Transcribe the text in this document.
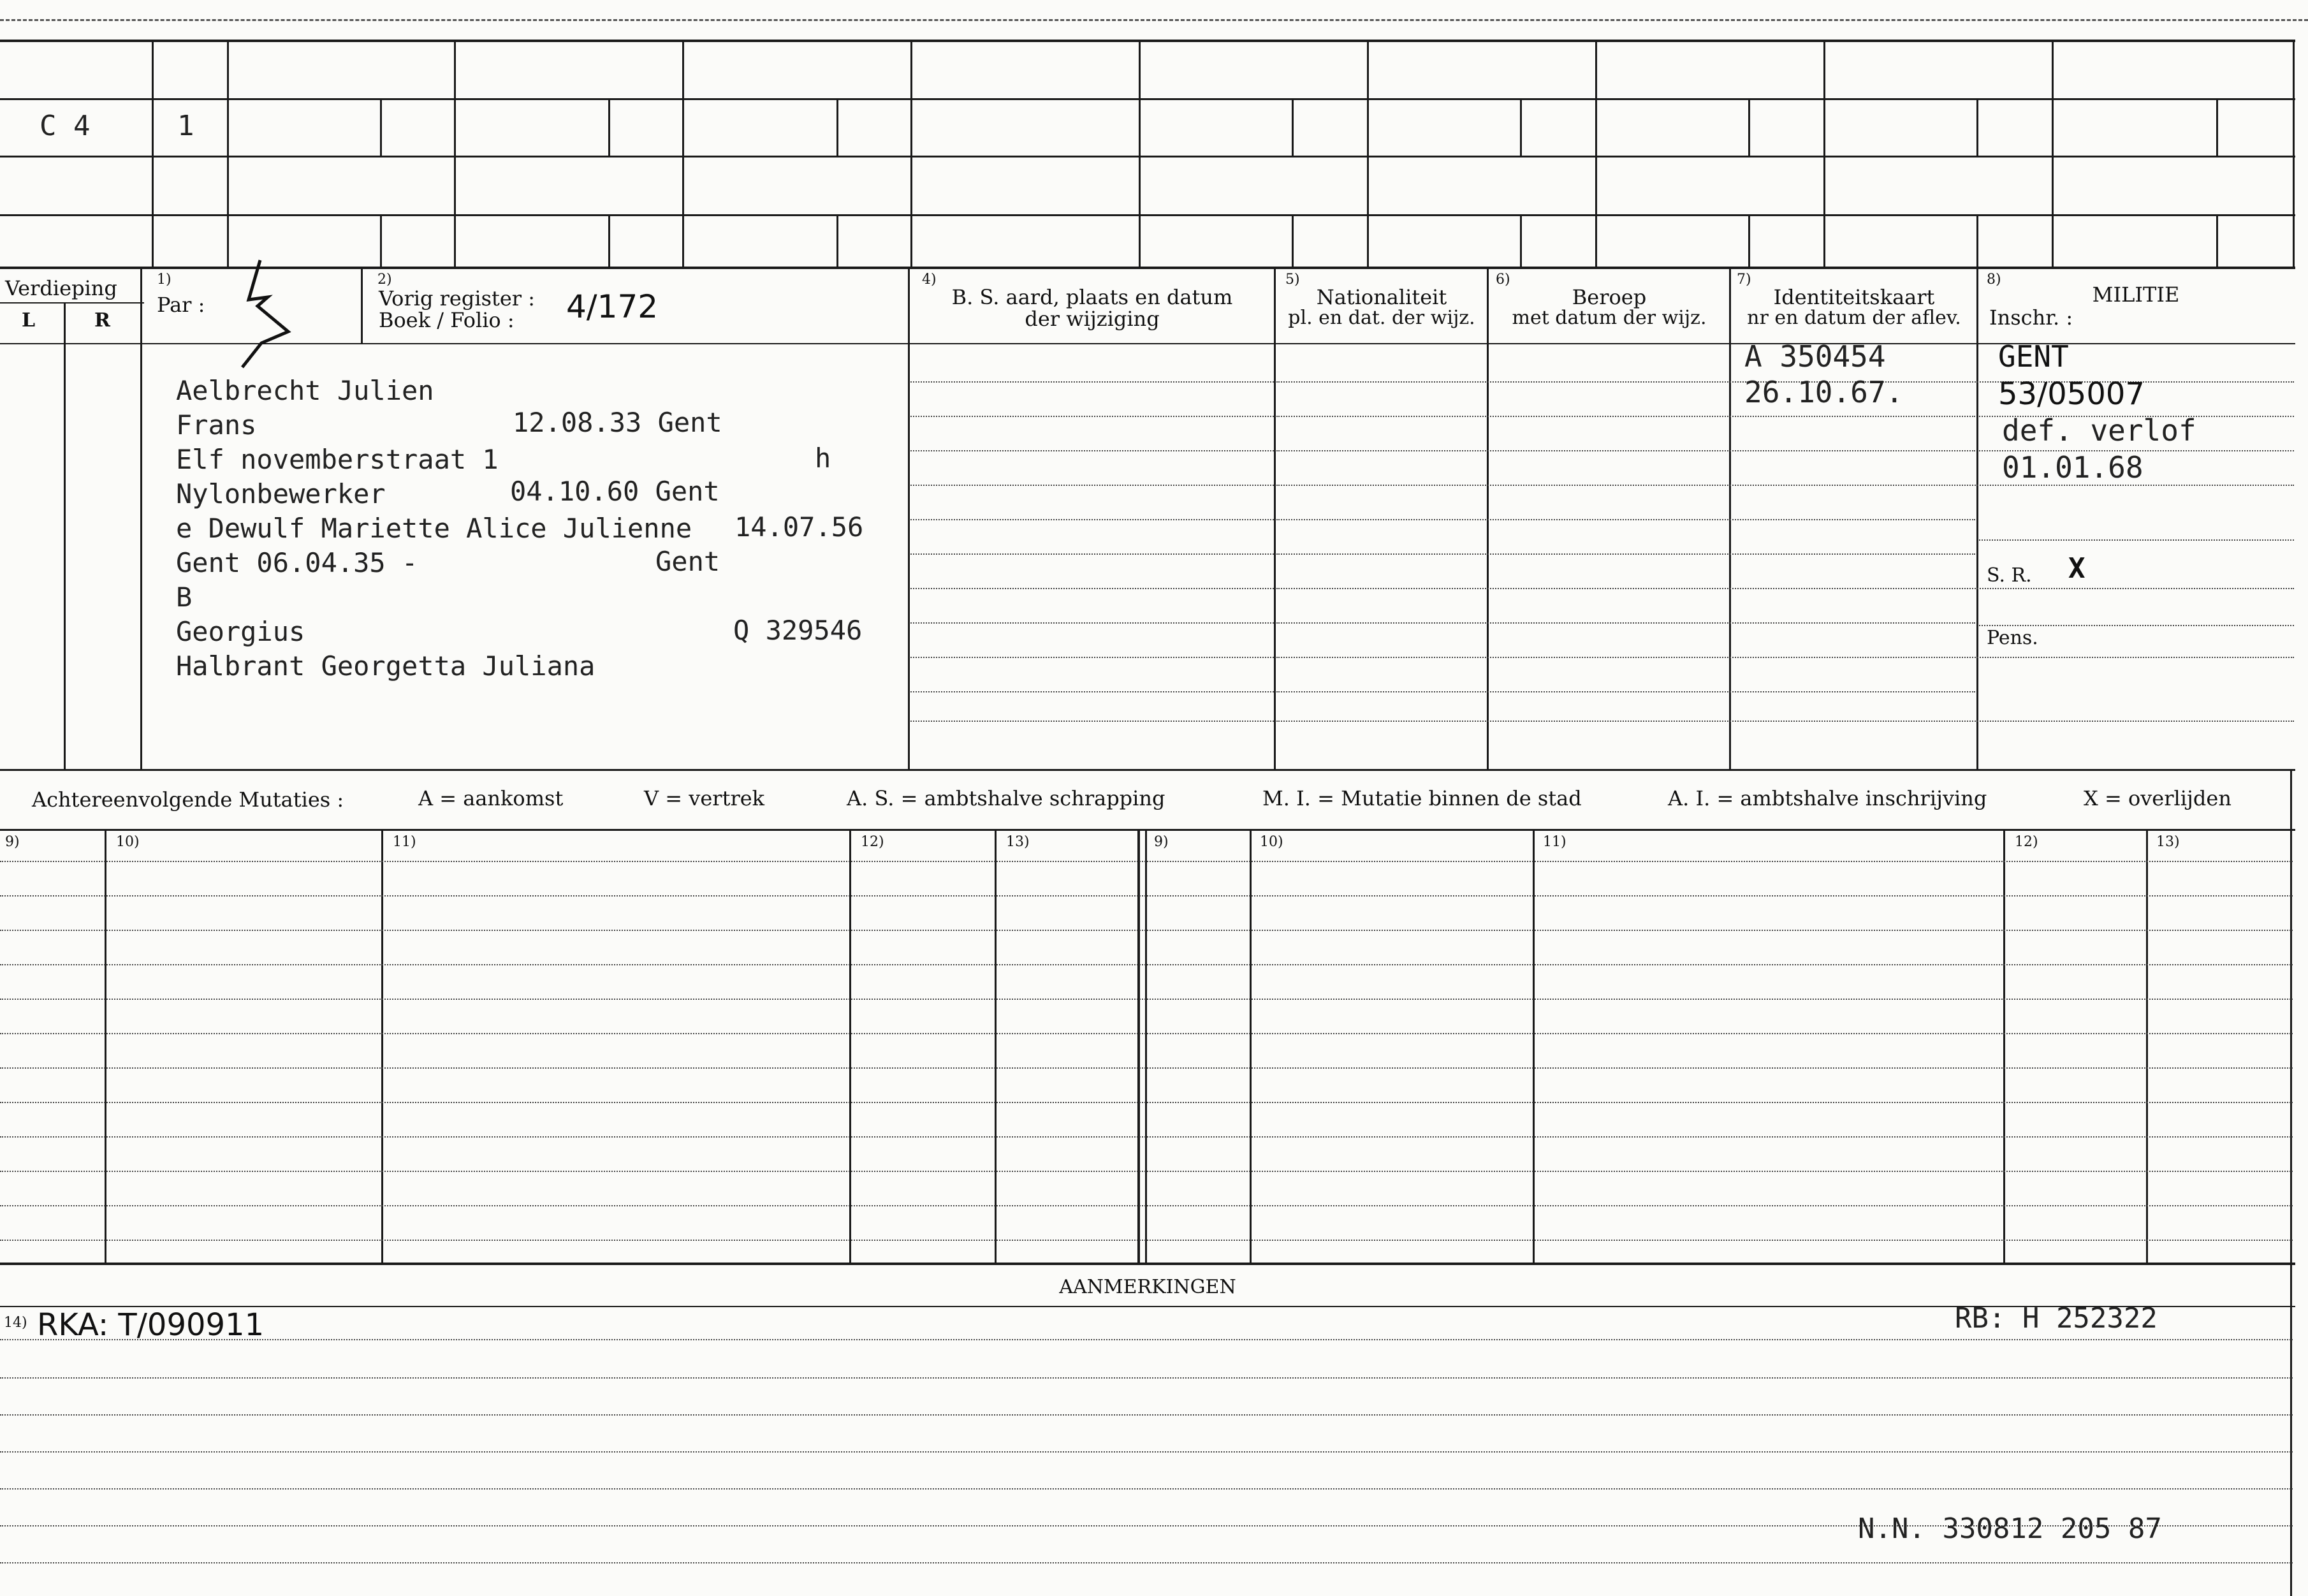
C 4	1
Verdieping
L	R
1)
Par :
2)
Vorig register :
Boek / Folio : 4/172
4)
B. S. aard, plaats en datum
der wijziging
5)
Nationaliteit
pl. en dat. der wijz.
6)
Beroep
met datum der wijz.
7)
Identiteitskaart
nr en datum der aflev.
8)
MILITIE
Inschr. :
Aelbrecht Julien
Frans	12.08.33 Gent
Elf novemberstraat 1	h
Nylonbewerker	04.10.60 Gent
e Dewulf Mariette Alice Julienne 14.07.56
Gent 06.04.35 -	Gent
B
Georgius	Q 329546
Halbrant Georgetta Juliana
A 350454
26.10.67.
GENT
53/05007
def. verlof
01.01.68
S. R. X
Pens.
Achtereenvolgende Mutaties :	A = aankomst	V = vertrek	A. S. = ambtshalve schrapping	M. I. = Mutatie binnen de stad	A. I. = ambtshalve inschrijving	X = overlijden
9)	10)	11)	12)	13)	9)	10)	11)	12)	13)
AANMERKINGEN
14) RKA: T/090911	RB: H 252322
N.N. 330812 205 87
